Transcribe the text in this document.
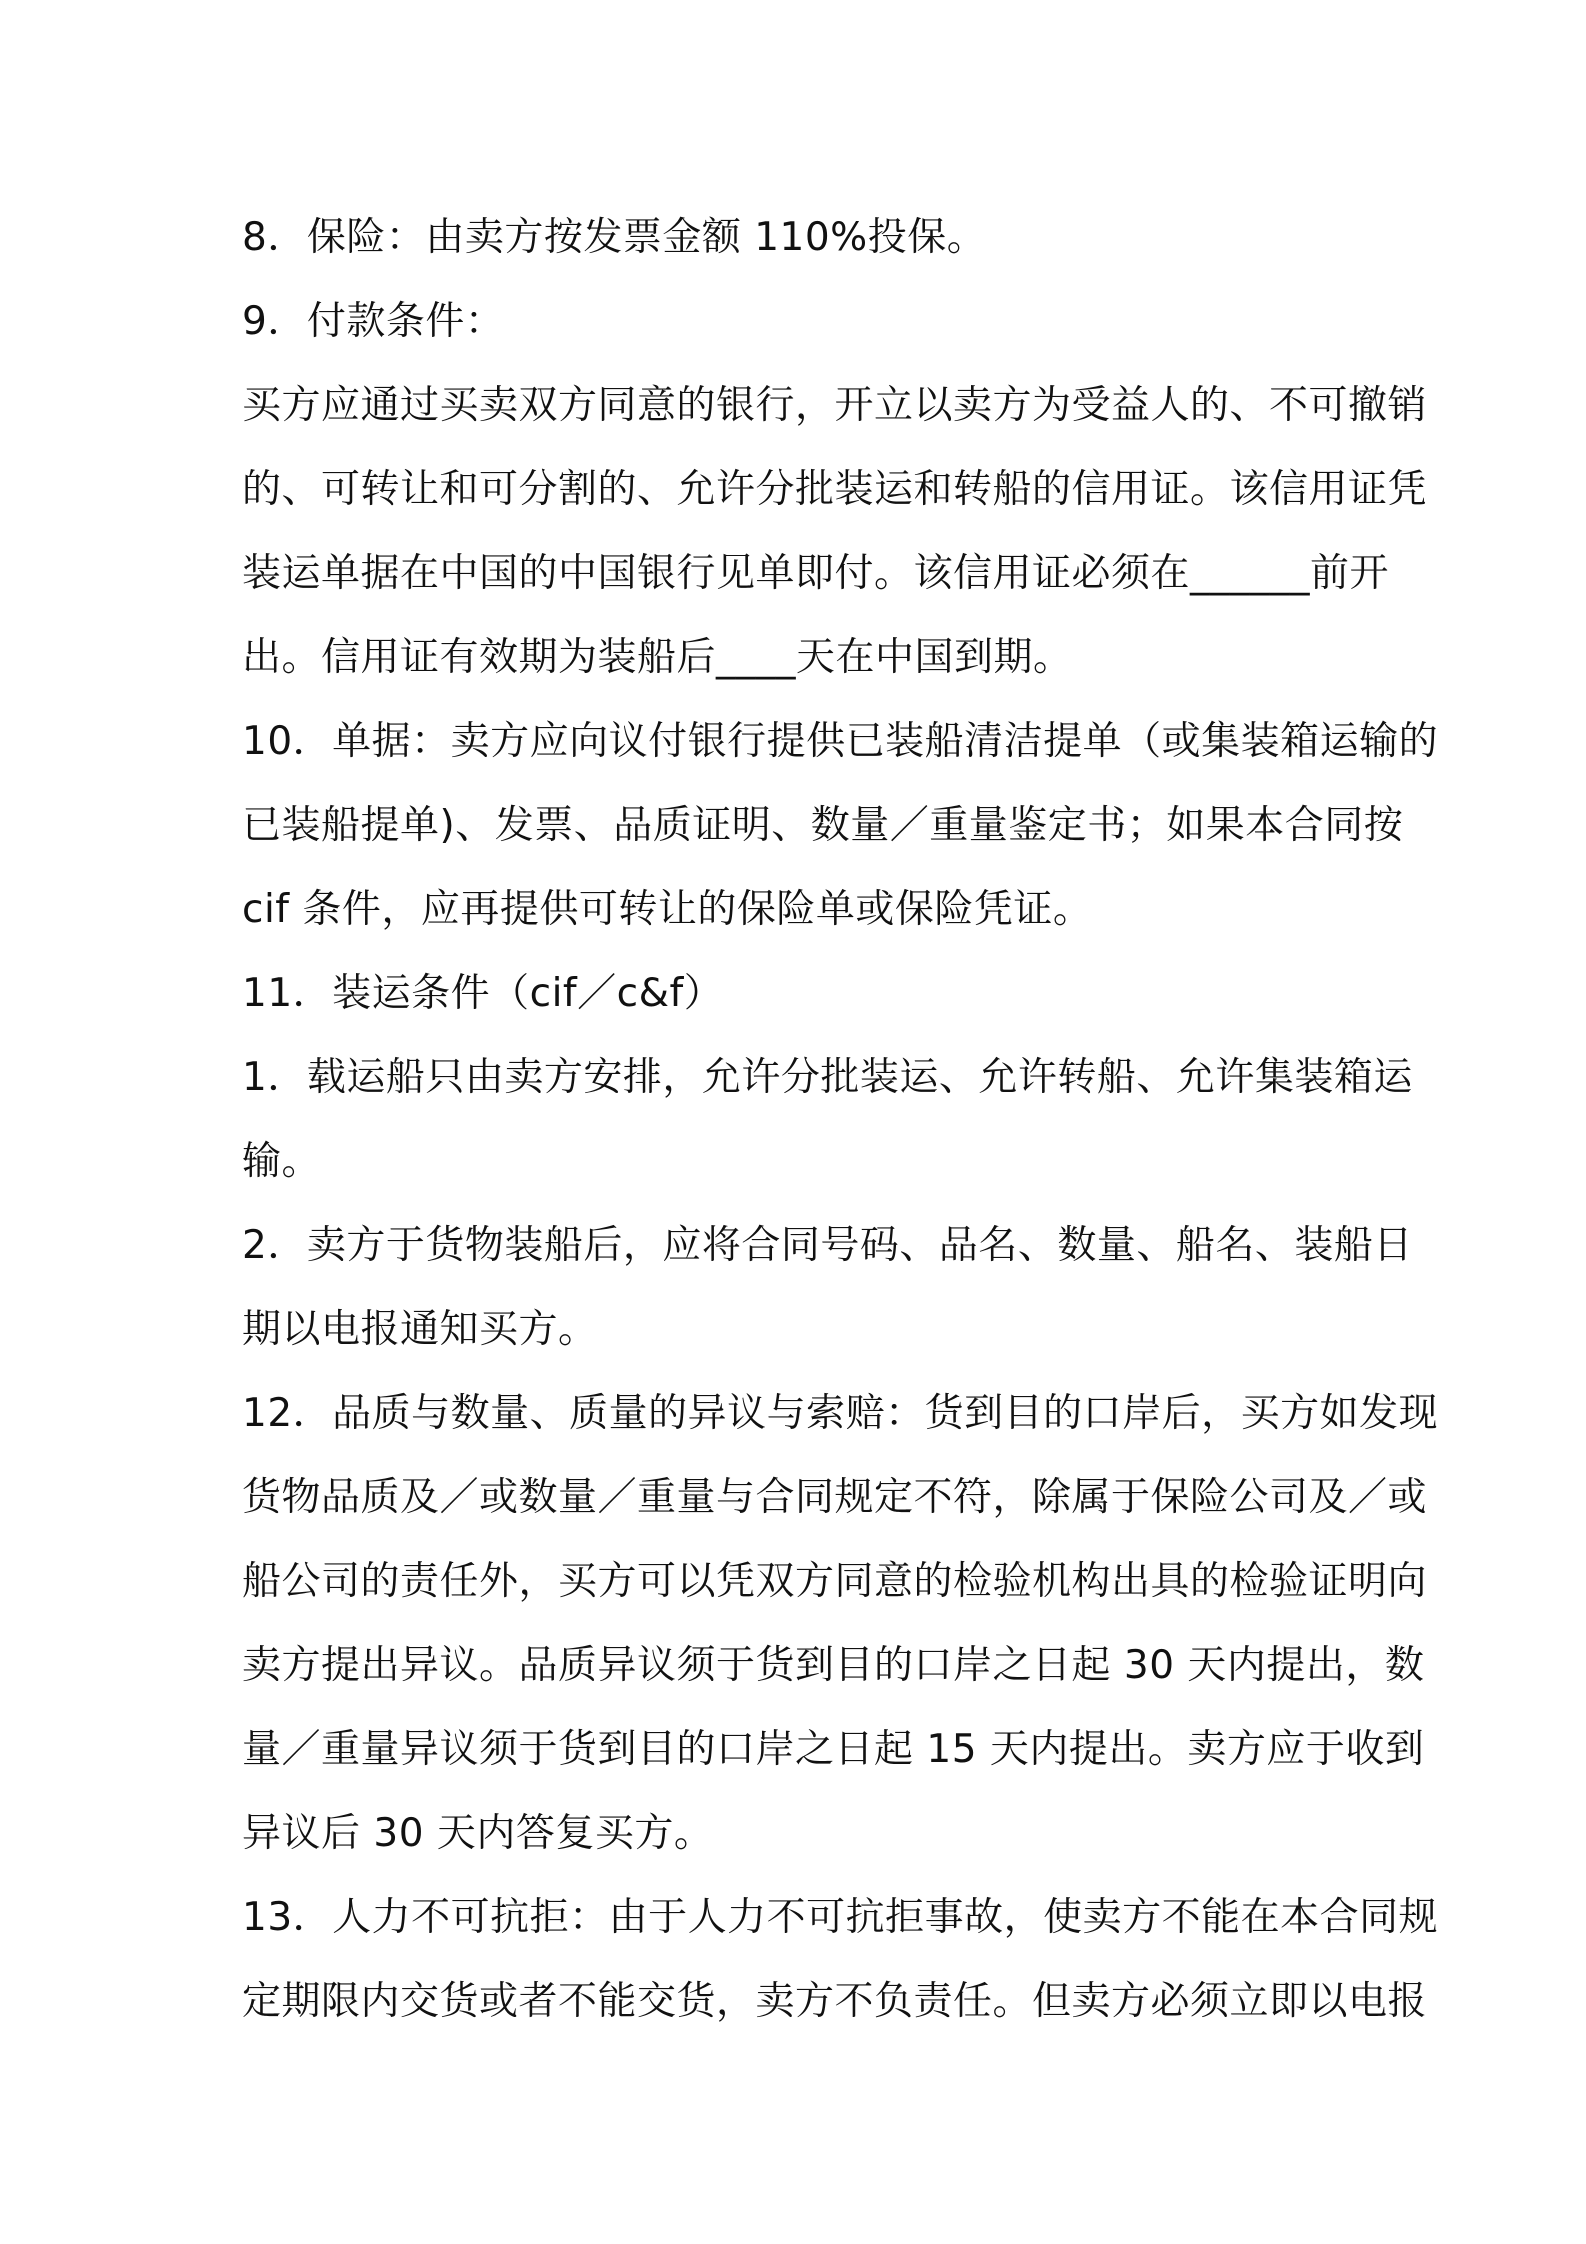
8．保险：由卖方按发票金额 110%投保。
9．付款条件：
买方应通过买卖双方同意的银行，开立以卖方为受益人的、不可撤销
的、可转让和可分割的、允许分批装运和转船的信用证。该信用证凭
装运单据在中国的中国银行见单即付。该信用证必须在______前开
出。信用证有效期为装船后____天在中国到期。
10．单据：卖方应向议付银行提供已装船清洁提单（或集装箱运输的
已装船提单)、发票、品质证明、数量／重量鉴定书；如果本合同按
cif 条件，应再提供可转让的保险单或保险凭证。
11．装运条件（cif／c&f）
1．载运船只由卖方安排，允许分批装运、允许转船、允许集装箱运
输。
2．卖方于货物装船后，应将合同号码、品名、数量、船名、装船日
期以电报通知买方。
12．品质与数量、质量的异议与索赔：货到目的口岸后，买方如发现
货物品质及／或数量／重量与合同规定不符，除属于保险公司及／或
船公司的责任外，买方可以凭双方同意的检验机构出具的检验证明向
卖方提出异议。品质异议须于货到目的口岸之日起 30 天内提出，数
量／重量异议须于货到目的口岸之日起 15 天内提出。卖方应于收到
异议后 30 天内答复买方。
13．人力不可抗拒：由于人力不可抗拒事故，使卖方不能在本合同规
定期限内交货或者不能交货，卖方不负责任。但卖方必须立即以电报
